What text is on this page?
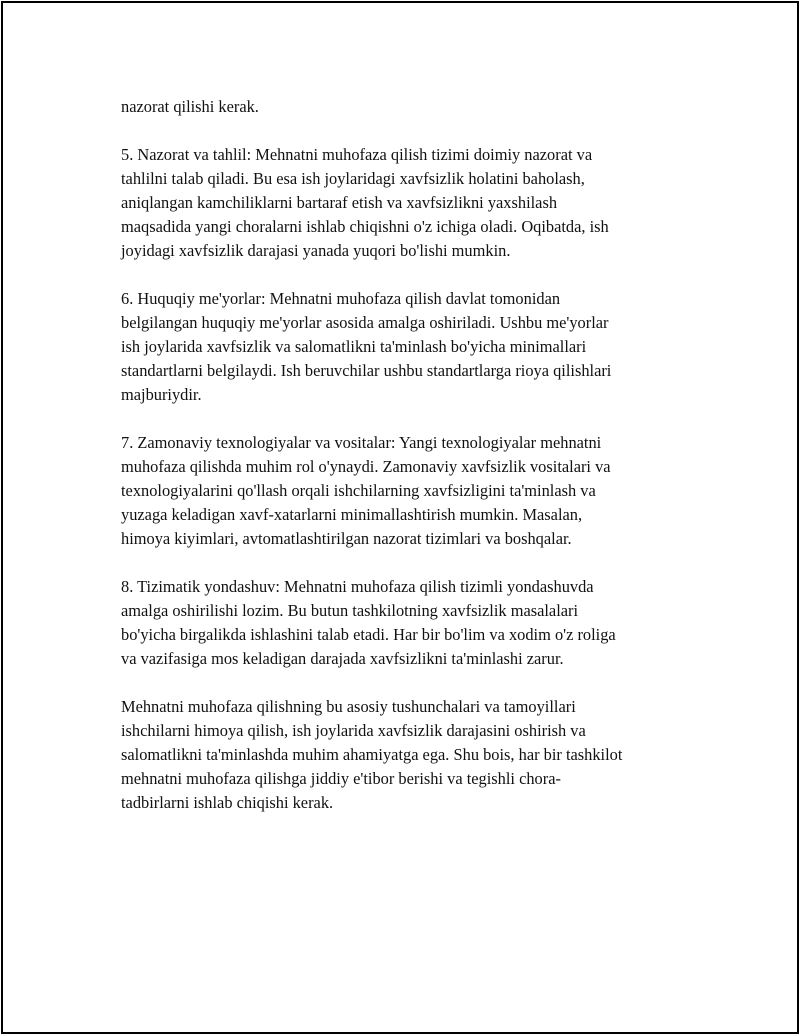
nazorat qilishi kerak.

5. Nazorat va tahlil: Mehnatni muhofaza qilish tizimi doimiy nazorat va
tahlilni talab qiladi. Bu esa ish joylaridagi xavfsizlik holatini baholash,
aniqlangan kamchiliklarni bartaraf etish va xavfsizlikni yaxshilash
maqsadida yangi choralarni ishlab chiqishni o'z ichiga oladi. Oqibatda, ish
joyidagi xavfsizlik darajasi yanada yuqori bo'lishi mumkin.

6. Huquqiy me'yorlar: Mehnatni muhofaza qilish davlat tomonidan
belgilangan huquqiy me'yorlar asosida amalga oshiriladi. Ushbu me'yorlar
ish joylarida xavfsizlik va salomatlikni ta'minlash bo'yicha minimallari
standartlarni belgilaydi. Ish beruvchilar ushbu standartlarga rioya qilishlari
majburiydir.

7. Zamonaviy texnologiyalar va vositalar: Yangi texnologiyalar mehnatni
muhofaza qilishda muhim rol o'ynaydi. Zamonaviy xavfsizlik vositalari va
texnologiyalarini qo'llash orqali ishchilarning xavfsizligini ta'minlash va
yuzaga keladigan xavf-xatarlarni minimallashtirish mumkin. Masalan,
himoya kiyimlari, avtomatlashtirilgan nazorat tizimlari va boshqalar.

8. Tizimatik yondashuv: Mehnatni muhofaza qilish tizimli yondashuvda
amalga oshirilishi lozim. Bu butun tashkilotning xavfsizlik masalalari
bo'yicha birgalikda ishlashini talab etadi. Har bir bo'lim va xodim o'z roliga
va vazifasiga mos keladigan darajada xavfsizlikni ta'minlashi zarur.

Mehnatni muhofaza qilishning bu asosiy tushunchalari va tamoyillari
ishchilarni himoya qilish, ish joylarida xavfsizlik darajasini oshirish va
salomatlikni ta'minlashda muhim ahamiyatga ega. Shu bois, har bir tashkilot
mehnatni muhofaza qilishga jiddiy e'tibor berishi va tegishli chora-
tadbirlarni ishlab chiqishi kerak.
